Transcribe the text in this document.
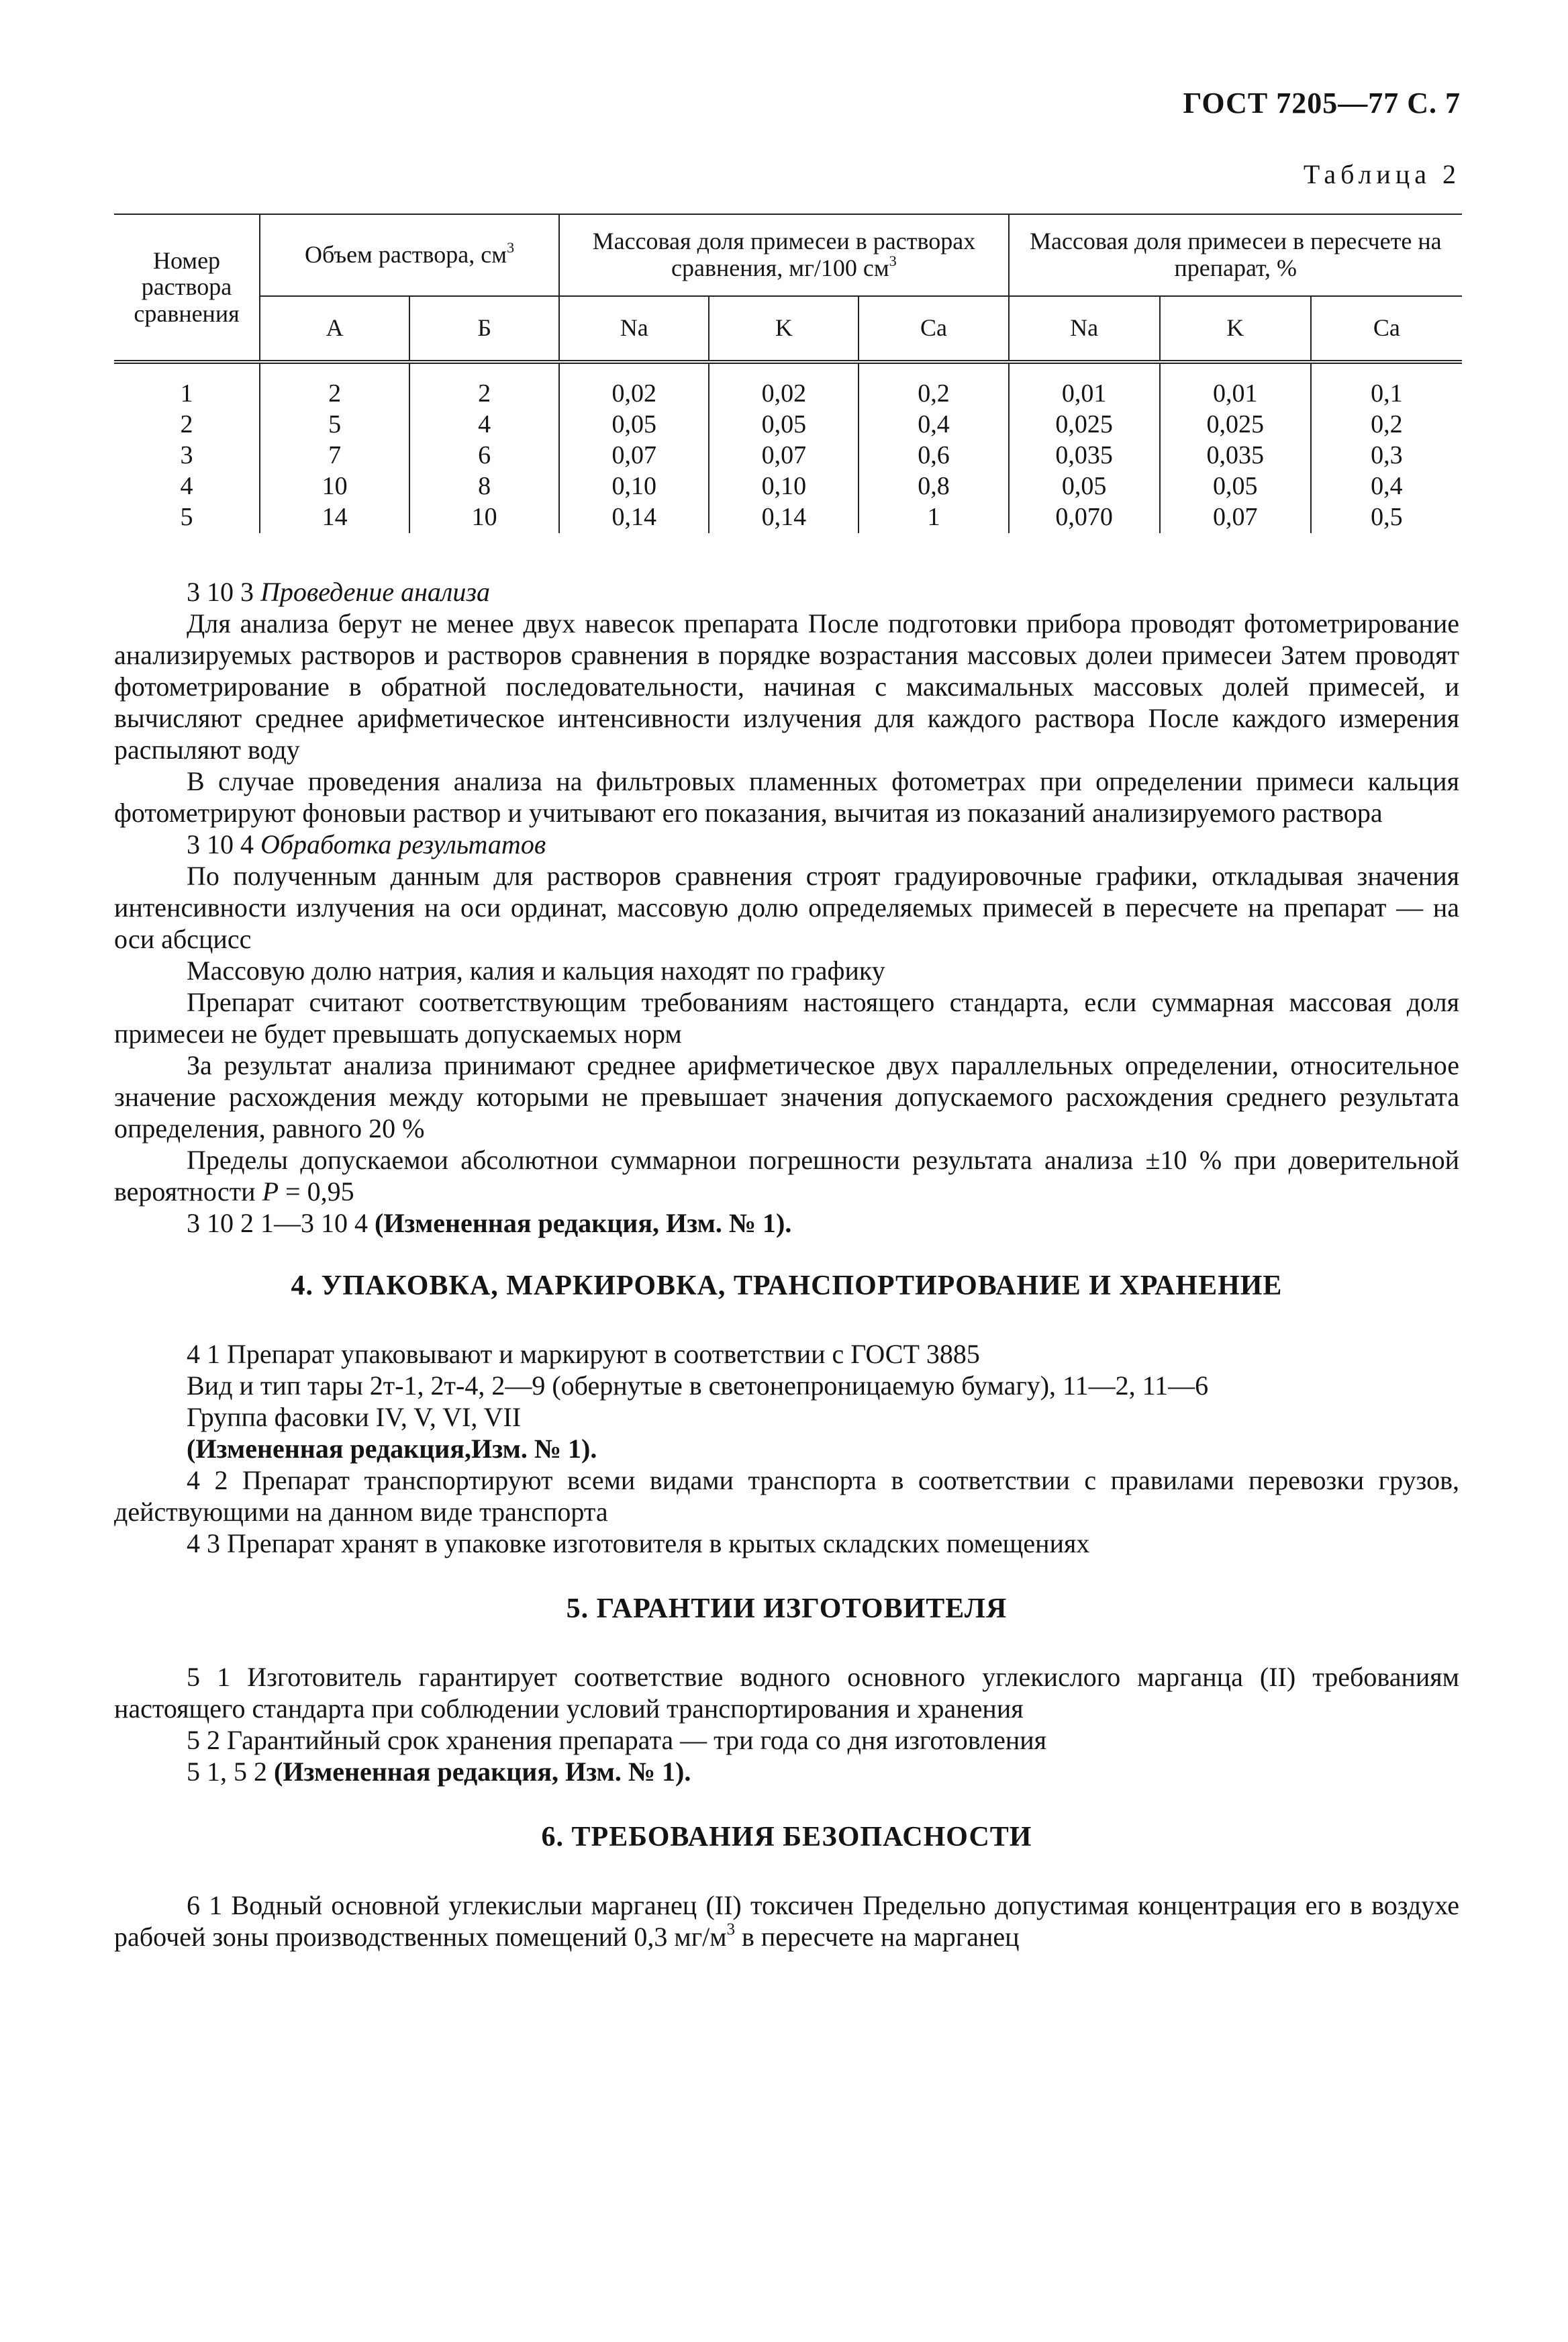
ГОСТ 7205—77 С. 7
Таблица 2
Номер раствора сравнения	Объем раствора, $см^3$		Массовая доля примесеи в растворах сравнения, мг/100 $см^3$			Массовая доля примесеи в пересчете на препарат, %		
	А	Б	Na	K	Ca	Na	K	Ca
1	2	2	0,02	0,02	0,2	0,01	0,01	0,1
2	5	4	0,05	0,05	0,4	0,025	0,025	0,2
3	7	6	0,07	0,07	0,6	0,035	0,035	0,3
4	10	8	0,10	0,10	0,8	0,05	0,05	0,4
5	14	10	0,14	0,14	1	0,070	0,07	0,5

3 10 3 Проведение анализа

Для анализа берут не менее двух навесок препарата После подготовки прибора проводят фотометрирование анализируемых растворов и растворов сравнения в порядке возрастания массовых долеи примесеи Затем проводят фотометрирование в обратной последовательности, начиная с максимальных массовых долей примесей, и вычисляют среднее арифметическое интенсивности излучения для каждого раствора После каждого измерения распыляют воду

В случае проведения анализа на фильтровых пламенных фотометрах при определении примеси кальция фотометрируют фоновыи раствор и учитывают его показания, вычитая из показаний анализируемого раствора

3 10 4 Обработка результатов

По полученным данным для растворов сравнения строят градуировочные графики, откладывая значения интенсивности излучения на оси ординат, массовую долю определяемых примесей в пересчете на препарат — на оси абсцисс

Массовую долю натрия, калия и кальция находят по графику

Препарат считают соответствующим требованиям настоящего стандарта, если суммарная массовая доля примесеи не будет превышать допускаемых норм

За результат анализа принимают среднее арифметическое двух параллельных определении, относительное значение расхождения между которыми не превышает значения допускаемого расхождения среднего результата определения, равного 20 %

Пределы допускаемои абсолютнои суммарнои погрешности результата анализа ±10 % при доверительной вероятности P = 0,95

3 10 2 1—3 10 4 (Измененная редакция, Изм. № 1).

4. УПАКОВКА, МАРКИРОВКА, ТРАНСПОРТИРОВАНИЕ И ХРАНЕНИЕ

4 1 Препарат упаковывают и маркируют в соответствии с ГОСТ 3885

Вид и тип тары 2т-1, 2т-4, 2—9 (обернутые в светонепроницаемую бумагу), 11—2, 11—6

Группа фасовки IV, V, VI, VII

(Измененная редакция,Изм. № 1).

4 2 Препарат транспортируют всеми видами транспорта в соответствии с правилами перевозки грузов, действующими на данном виде транспорта

4 3 Препарат хранят в упаковке изготовителя в крытых складских помещениях

5. ГАРАНТИИ ИЗГОТОВИТЕЛЯ

5 1 Изготовитель гарантирует соответствие водного основного углекислого марганца (II) требованиям настоящего стандарта при соблюдении условий транспортирования и хранения

5 2 Гарантийный срок хранения препарата — три года со дня изготовления

5 1, 5 2 (Измененная редакция, Изм. № 1).

6. ТРЕБОВАНИЯ БЕЗОПАСНОСТИ

6 1 Водный основной углекислыи марганец (II) токсичен Предельно допустимая концентрация его в воздухе рабочей зоны производственных помещений 0,3 $мг/м^3$ в пересчете на марганец
